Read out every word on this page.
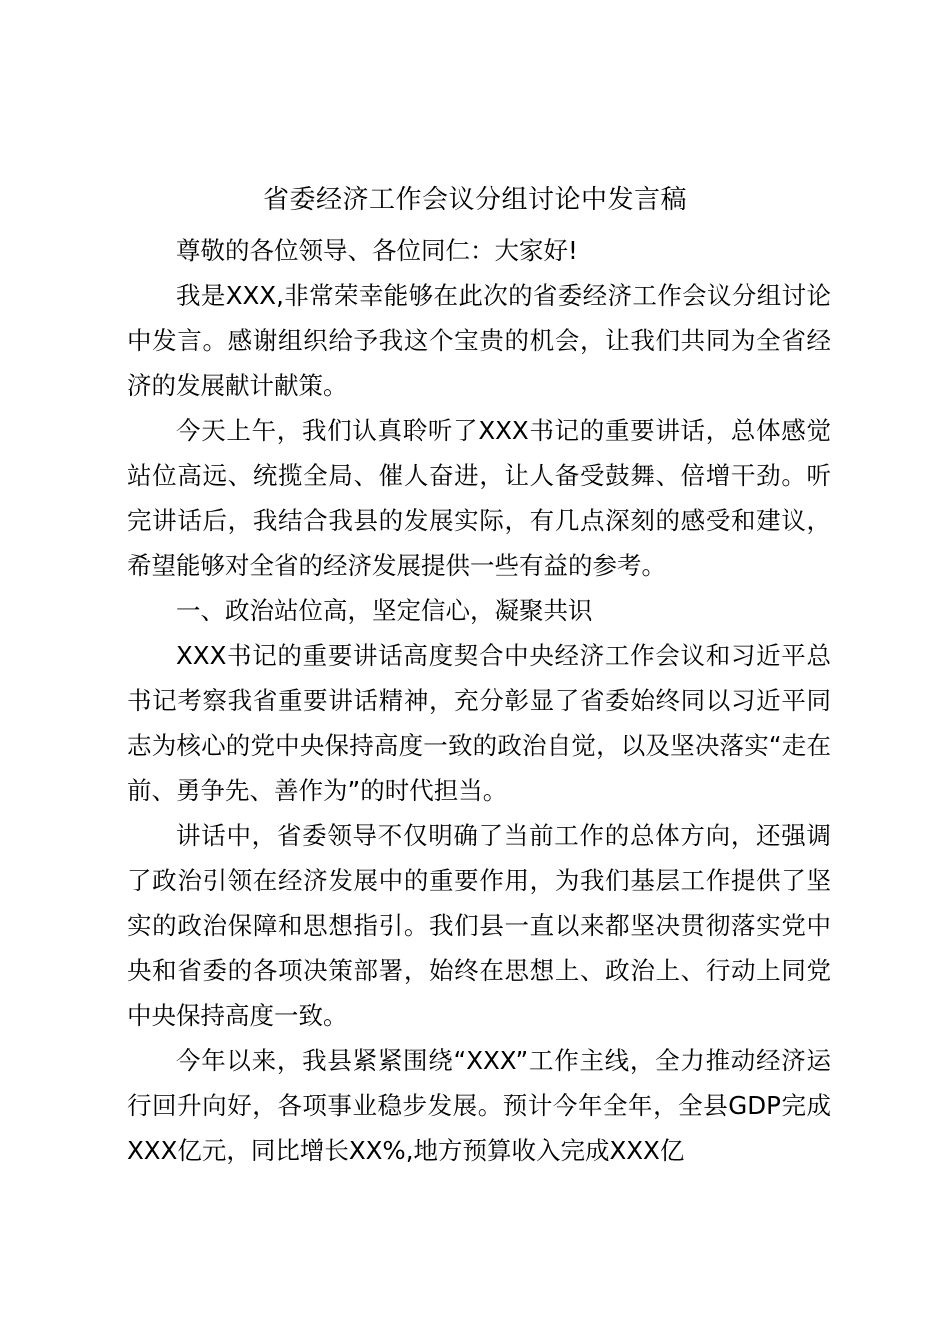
省委经济工作会议分组讨论中发言稿

尊敬的各位领导、各位同仁：大家好!

我是XXX,非常荣幸能够在此次的省委经济工作会议分组讨论中发言。感谢组织给予我这个宝贵的机会，让我们共同为全省经济的发展献计献策。

今天上午，我们认真聆听了XXX书记的重要讲话，总体感觉站位高远、统揽全局、催人奋进，让人备受鼓舞、倍增干劲。听完讲话后，我结合我县的发展实际，有几点深刻的感受和建议，希望能够对全省的经济发展提供一些有益的参考。

一、政治站位高，坚定信心，凝聚共识

XXX书记的重要讲话高度契合中央经济工作会议和习近平总书记考察我省重要讲话精神，充分彰显了省委始终同以习近平同志为核心的党中央保持高度一致的政治自觉，以及坚决落实“走在前、勇争先、善作为”的时代担当。

讲话中，省委领导不仅明确了当前工作的总体方向，还强调了政治引领在经济发展中的重要作用，为我们基层工作提供了坚实的政治保障和思想指引。我们县一直以来都坚决贯彻落实党中央和省委的各项决策部署，始终在思想上、政治上、行动上同党中央保持高度一致。

今年以来，我县紧紧围绕“XXX”工作主线，全力推动经济运行回升向好，各项事业稳步发展。预计今年全年，全县GDP完成XXX亿元，同比增长XX%,地方预算收入完成XXX亿
